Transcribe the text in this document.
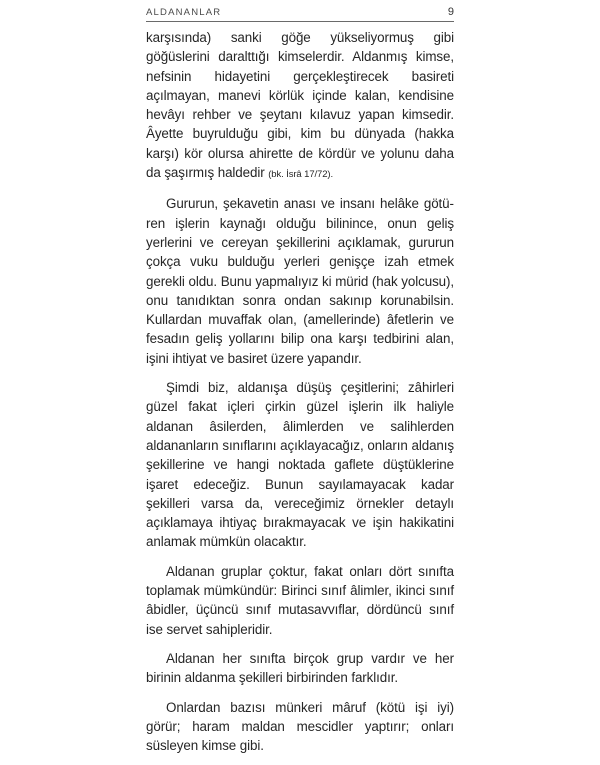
ALDANANLAR	9

karşısında) sanki göğe yükseliyormuş gibi göğüslerini daralttığı kimselerdir. Aldanmış kimse, nefsinin hidayetini gerçekleştirecek basireti açılmayan, manevi körlük içinde kalan, kendisine hevâyı rehber ve şeytanı kılavuz yapan kimsedir. Âyette buyrulduğu gibi, kim bu dünyada (hakka karşı) kör olursa ahirette de kördür ve yolunu daha da şaşırmış haldedir (bk. İsrâ 17/72).

Gururun, şekavetin anası ve insanı helâke götüren işlerin kaynağı olduğu bilinince, onun geliş yerlerini ve cereyan şekillerini açıklamak, gururun çokça vuku bulduğu yerleri genişçe izah etmek gerekli oldu. Bunu yapmalıyız ki mürid (hak yolcusu), onu tanıdıktan sonra ondan sakınıp korunabilsin. Kullardan muvaffak olan, (amellerinde) âfetlerin ve fesadın geliş yollarını bilip ona karşı tedbirini alan, işini ihtiyat ve basiret üzere yapandır.

Şimdi biz, aldanışa düşüş çeşitlerini; zâhirleri güzel fakat içleri çirkin güzel işlerin ilk haliyle aldanan âsilerden, âlimlerden ve salihlerden aldananların sınıflarını açıklayacağız, onların aldanış şekillerine ve hangi noktada gaflete düştüklerine işaret edeceğiz. Bunun sayılamayacak kadar şekilleri varsa da, vereceğimiz örnekler detaylı açıklamaya ihtiyaç bırakmayacak ve işin hakikatini anlamak mümkün olacaktır.

Aldanan gruplar çoktur, fakat onları dört sınıfta toplamak mümkündür: Birinci sınıf âlimler, ikinci sınıf âbidler, üçüncü sınıf mutasavvıflar, dördüncü sınıf ise servet sahipleridir.

Aldanan her sınıfta birçok grup vardır ve her birinin aldanma şekilleri birbirinden farklıdır.

Onlardan bazısı münkeri mâruf (kötü işi iyi) görür; haram maldan mescidler yaptırır; onları süsleyen kimse gibi.
